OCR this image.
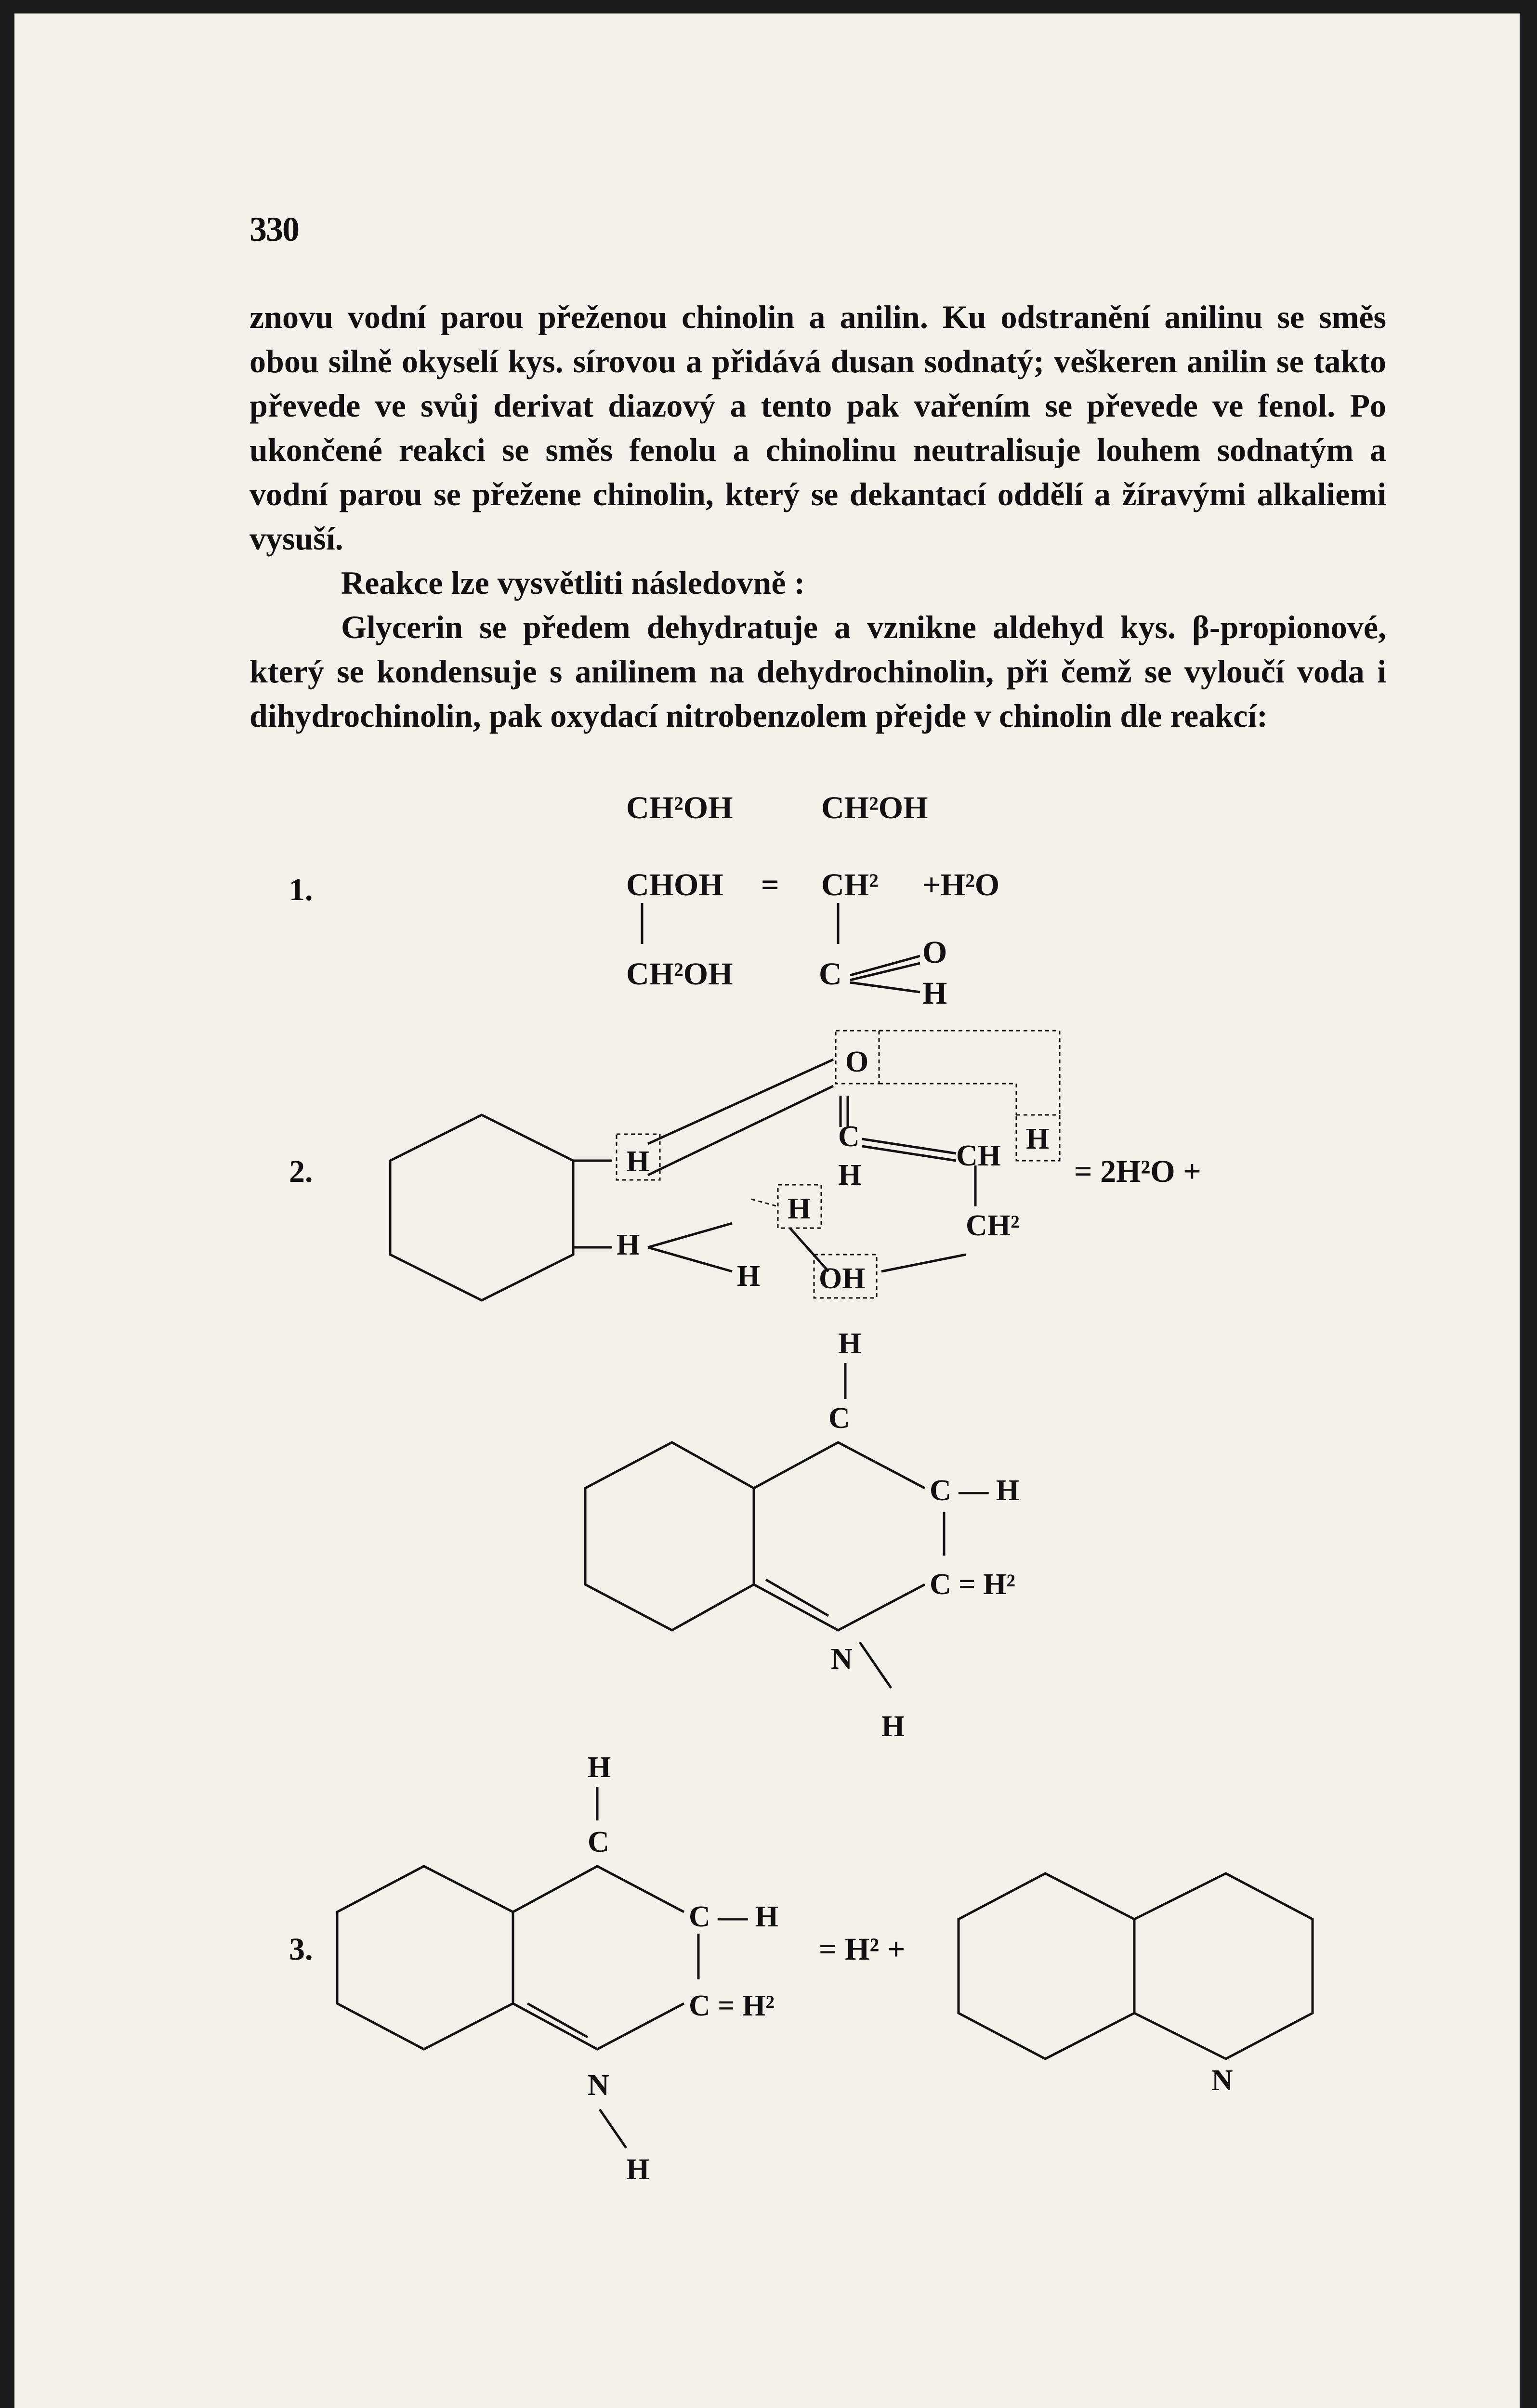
330

znovu vodní parou přeženou chinolin a anilin. Ku odstranění anilinu se směs obou silně okyselí kys. sírovou a přidává dusan sodnatý; veškeren anilin se takto převede ve svůj derivat diazový a tento pak vařením se převede ve fenol. Po ukončené reakci se směs fenolu a chinolinu neutralisuje louhem sodnatým a vodní parou se přežene chinolin, který se dekantací oddělí a žíravými alkaliemi vysuší.

Reakce lze vysvětliti následovně :

Glycerin se předem dehydratuje a vznikne aldehyd kys. β-propionové, který se kondensuje s anilinem na dehydrochinolin, při čemž se vyloučí voda i dihydrochinolin, pak oxydací nitrobenzolem přejde v chinolin dle reakcí:

O
H
H
C
H
CH
H
CH²
H
H OH
H
C
C — H
C = H²
N
H
H
C
C — H
C = H²
N
H
N
1.
CH²OH
CHOH
CH²OH
=
CH²OH
CH²
C
O
H
+H²O
2.	= 2H²O +
3.	= H² +
